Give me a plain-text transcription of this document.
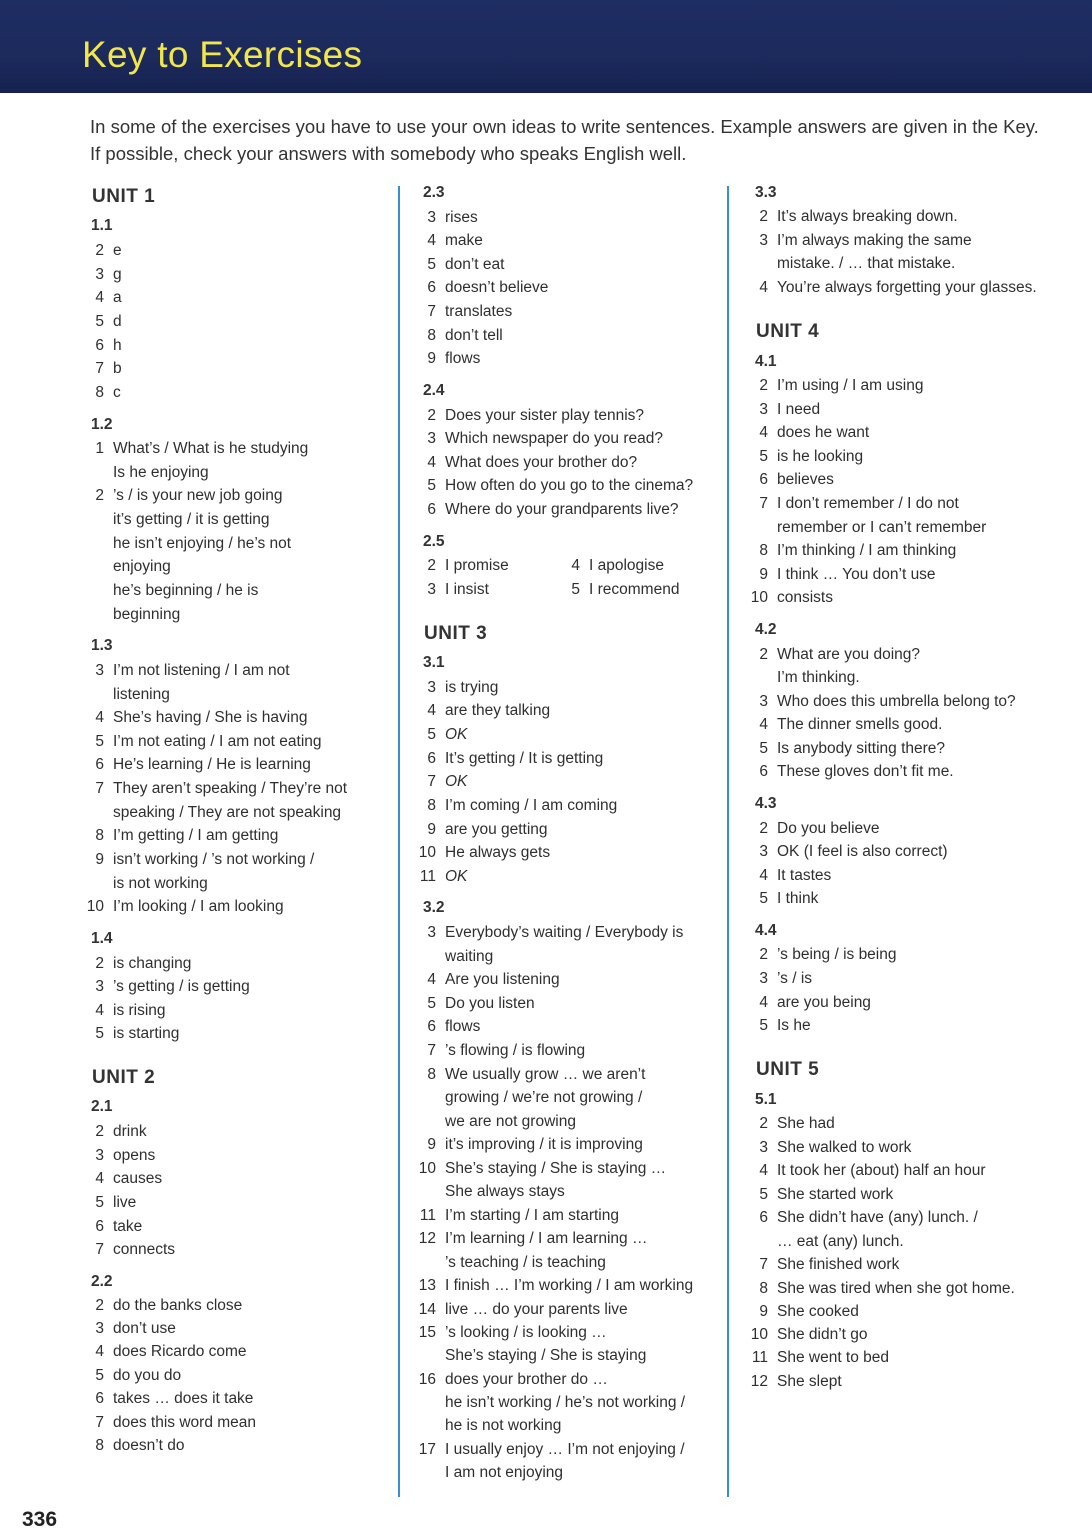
Key to Exercises
In some of the exercises you have to use your own ideas to write sentences. Example answers are given in the Key. If possible, check your answers with somebody who speaks English well.
UNIT 1
1.1
2 e
3 g
4 a
5 d
6 h
7 b
8 c
1.2
1 What’s / What is he studying
Is he enjoying
2 ’s / is your new job going
it’s getting / it is getting
he isn’t enjoying / he’s not
enjoying
he’s beginning / he is
beginning
1.3
3 I’m not listening / I am not
listening
4 She’s having / She is having
5 I’m not eating / I am not eating
6 He’s learning / He is learning
7 They aren’t speaking / They’re not
speaking / They are not speaking
8 I’m getting / I am getting
9 isn’t working / ’s not working /
is not working
10 I’m looking / I am looking
1.4
2 is changing
3 ’s getting / is getting
4 is rising
5 is starting
UNIT 2
2.1
2 drink
3 opens
4 causes
5 live
6 take
7 connects
2.2
2 do the banks close
3 don’t use
4 does Ricardo come
5 do you do
6 takes … does it take
7 does this word mean
8 doesn’t do
2.3
3 rises
4 make
5 don’t eat
6 doesn’t believe
7 translates
8 don’t tell
9 flows
2.4
2 Does your sister play tennis?
3 Which newspaper do you read?
4 What does your brother do?
5 How often do you go to the cinema?
6 Where do your grandparents live?
2.5
2 I promise
3 I insist
UNIT 3
3.1
3 is trying
4 are they talking
5 OK
6 It’s getting / It is getting
7 OK
8 I’m coming / I am coming
9 are you getting
10 He always gets
11 OK
3.2
3 Everybody’s waiting / Everybody is
waiting
4 Are you listening
5 Do you listen
6 flows
7 ’s flowing / is flowing
8 We usually grow … we aren’t
growing / we’re not growing /
we are not growing
9 it’s improving / it is improving
10 She’s staying / She is staying …
She always stays
11 I’m starting / I am starting
12 I’m learning / I am learning …
’s teaching / is teaching
13 I finish … I’m working / I am working
14 live … do your parents live
15 ’s looking / is looking …
She’s staying / She is staying
16 does your brother do …
he isn’t working / he’s not working /
he is not working
17 I usually enjoy … I’m not enjoying /
I am not enjoying
4 I apologise
5 I recommend
3.3
2 It’s always breaking down.
3 I’m always making the same
mistake. / … that mistake.
4 You’re always forgetting your glasses.
UNIT 4
4.1
2 I’m using / I am using
3 I need
4 does he want
5 is he looking
6 believes
7 I don’t remember / I do not
remember or I can’t remember
8 I’m thinking / I am thinking
9 I think … You don’t use
10 consists
4.2
2 What are you doing?
I’m thinking.
3 Who does this umbrella belong to?
4 The dinner smells good.
5 Is anybody sitting there?
6 These gloves don’t fit me.
4.3
2 Do you believe
3 OK (I feel is also correct)
4 It tastes
5 I think
4.4
2 ’s being / is being
3 ’s / is
4 are you being
5 Is he
UNIT 5
5.1
2 She had
3 She walked to work
4 It took her (about) half an hour
5 She started work
6 She didn’t have (any) lunch. /
… eat (any) lunch.
7 She finished work
8 She was tired when she got home.
9 She cooked
10 She didn’t go
11 She went to bed
12 She slept
336
